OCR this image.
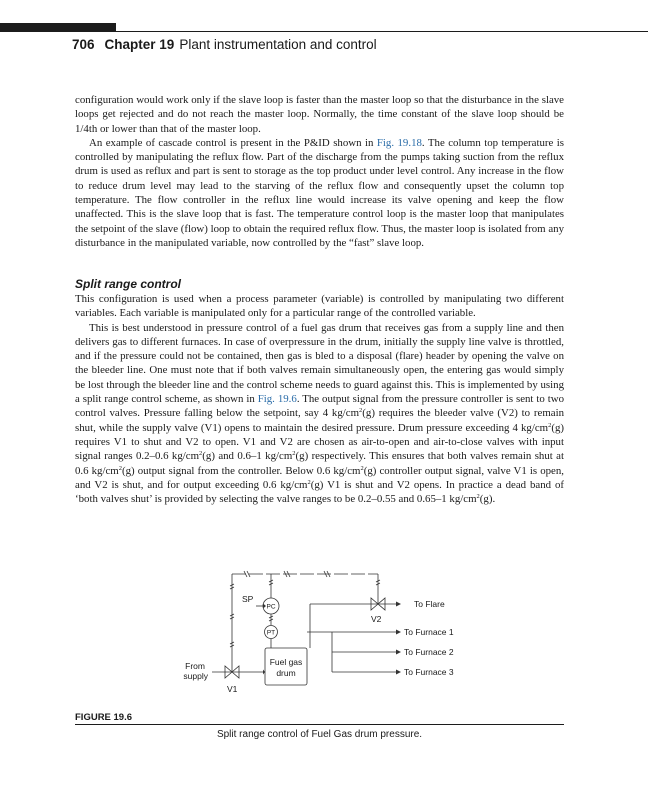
706 Chapter 19 Plant instrumentation and control

configuration would work only if the slave loop is faster than the master loop so that the disturbance in the slave loops get rejected and do not reach the master loop. Normally, the time constant of the slave loop should be 1/4th or lower than that of the master loop.

An example of cascade control is present in the P&ID shown in Fig. 19.18. The column top temperature is controlled by manipulating the reflux flow. Part of the discharge from the pumps taking suction from the reflux drum is used as reflux and part is sent to storage as the top product under level control. Any increase in the flow to reduce drum level may lead to the starving of the reflux flow and consequently upset the column top temperature. The flow controller in the reflux line would increase its valve opening and keep the flow unaffected. This is the slave loop that is fast. The temperature control loop is the master loop that manipulates the setpoint of the slave (flow) loop to obtain the required reflux flow. Thus, the master loop is isolated from any disturbance in the manipulated variable, now controlled by the “fast” slave loop.

Split range control

This configuration is used when a process parameter (variable) is controlled by manipulating two different variables. Each variable is manipulated only for a particular range of the controlled variable.

This is best understood in pressure control of a fuel gas drum that receives gas from a supply line and then delivers gas to different furnaces. In case of overpressure in the drum, initially the supply line valve is throttled, and if the pressure could not be contained, then gas is bled to a disposal (flare) header by opening the valve on the bleeder line. One must note that if both valves remain simultaneously open, the entering gas would simply be lost through the bleeder line and the control scheme needs to guard against this. This is implemented by using a split range control scheme, as shown in Fig. 19.6. The output signal from the pressure controller is sent to two control valves. Pressure falling below the setpoint, say 4 $kg/cm^2(g)$ requires the bleeder valve (V2) to remain shut, while the supply valve (V1) opens to maintain the desired pressure. Drum pressure exceeding 4 $kg/cm^2(g)$ requires V1 to shut and V2 to open. V1 and V2 are chosen as air-to-open and air-to-close valves with input signal ranges 0.2–0.6 $kg/cm^2(g)$ and 0.6–1 $kg/cm^2(g)$ respectively. This ensures that both valves remain shut at 0.6 $kg/cm^2(g)$ output signal from the controller. Below 0.6 $kg/cm^2(g)$ controller output signal, valve V1 is open, and V2 is shut, and for output exceeding 0.6 $kg/cm^2(g)$ V1 is shut and V2 opens. In practice a dead band of ‘both valves shut’ is provided by selecting the valve ranges to be 0.2–0.55 and 0.65–1 $kg/cm^2(g)$.

SP
PC
PT
V1
V2
From
supply
Fuel gas
drum
To Flare
To Furnace 1
To Furnace 2
To Furnace 3
FIGURE 19.6
Split range control of Fuel Gas drum pressure.
